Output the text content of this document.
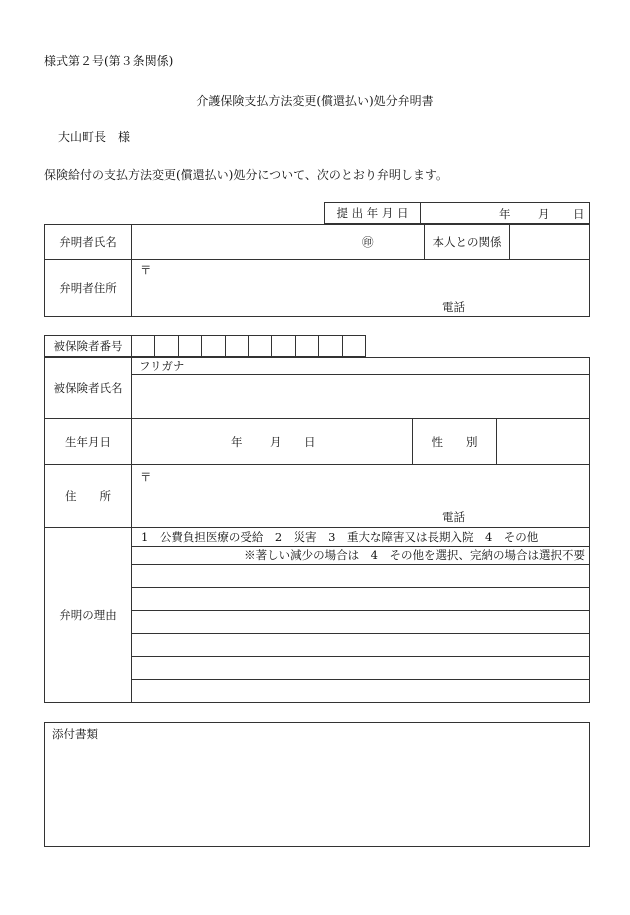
様式第２号(第３条関係)
介護保険支払方法変更(償還払い)処分弁明書
大山町長　様
保険給付の支払方法変更(償還払い)処分について、次のとおり弁明します。
提 出 年 月 日	年 月 日
弁明者氏名	㊞	本人との関係	
弁明者住所	〒
電話		
被保険者番号										
被保険者氏名	フリガナ		

生年月日	年 月 日	性　　別	
住　　所	〒
電話		

弁明の理由	1　公費負担医療の受給　2　災害　3　重大な障害又は長期入院　4　その他		
	※著しい減少の場合は　4　その他を選択、完納の場合は選択不要		

添付書類
